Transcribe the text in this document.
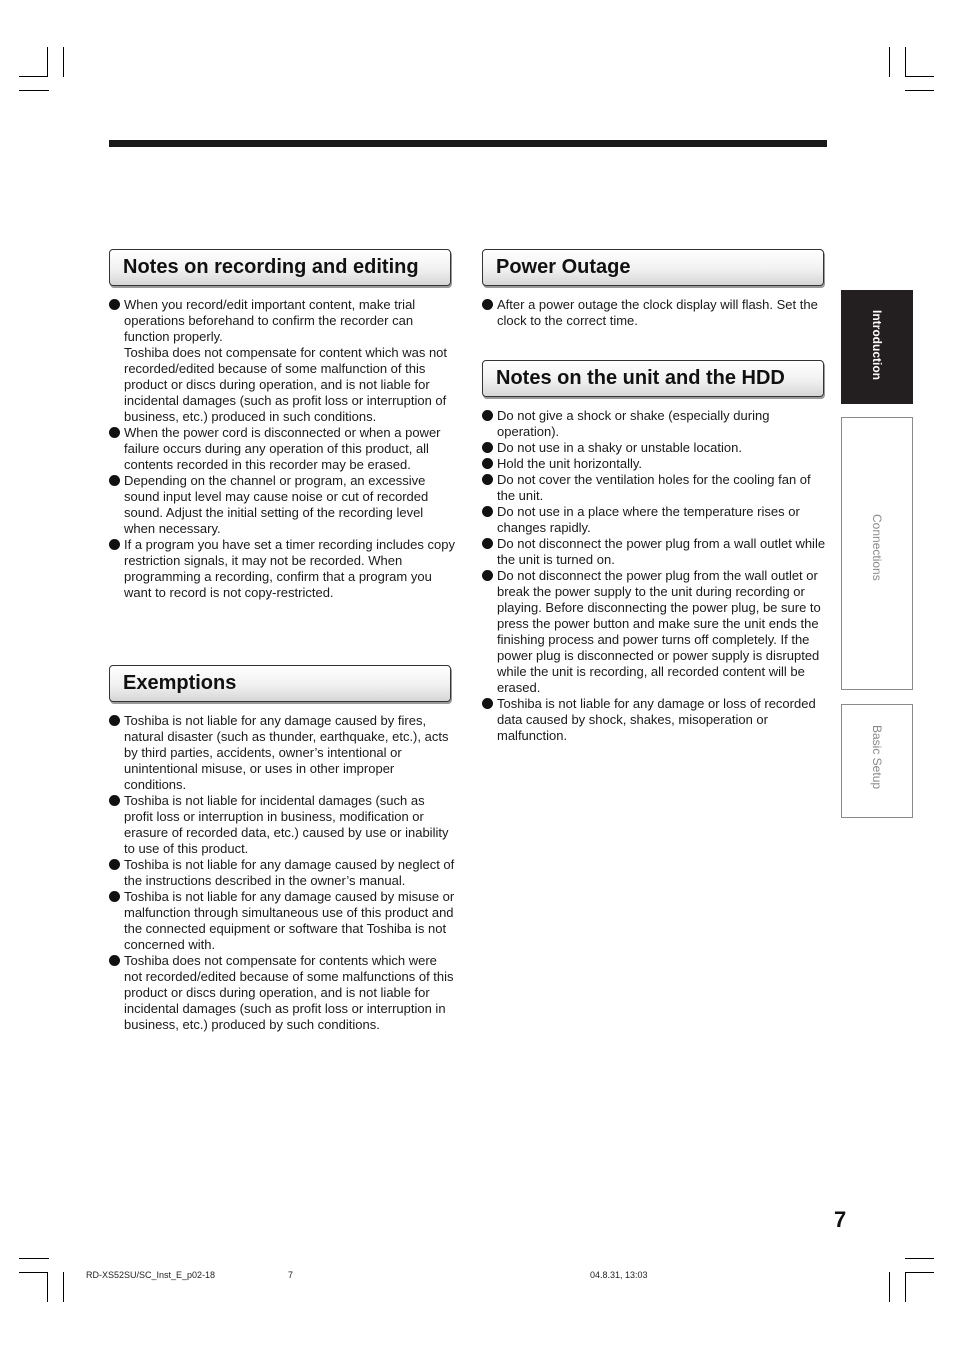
Notes on recording and editing
When you record/edit important content, make trial operations beforehand to confirm the recorder can function properly.
Toshiba does not compensate for content which was not recorded/edited because of some malfunction of this product or discs during operation, and is not liable for incidental damages (such as profit loss or interruption of business, etc.) produced in such conditions.
When the power cord is disconnected or when a power failure occurs during any operation of this product, all contents recorded in this recorder may be erased.
Depending on the channel or program, an excessive sound input level may cause noise or cut of recorded sound. Adjust the initial setting of the recording level when necessary.
If a program you have set a timer recording includes copy restriction signals, it may not be recorded. When programming a recording, confirm that a program you want to record is not copy-restricted.
Exemptions
Toshiba is not liable for any damage caused by fires, natural disaster (such as thunder, earthquake, etc.), acts by third parties, accidents, owner’s intentional or unintentional misuse, or uses in other improper conditions.
Toshiba is not liable for incidental damages (such as profit loss or interruption in business, modification or erasure of recorded data, etc.) caused by use or inability to use of this product.
Toshiba is not liable for any damage caused by neglect of the instructions described in the owner’s manual.
Toshiba is not liable for any damage caused by misuse or malfunction through simultaneous use of this product and the connected equipment or software that Toshiba is not concerned with.
Toshiba does not compensate for contents which were not recorded/edited because of some malfunctions of this product or discs during operation, and is not liable for incidental damages (such as profit loss or interruption in business, etc.) produced by such conditions.
Power Outage
After a power outage the clock display will flash. Set the clock to the correct time.
Notes on the unit and the HDD
Do not give a shock or shake (especially during operation).
Do not use in a shaky or unstable location.
Hold the unit horizontally.
Do not cover the ventilation holes for the cooling fan of the unit.
Do not use in a place where the temperature rises or changes rapidly.
Do not disconnect the power plug from a wall outlet while the unit is turned on.
Do not disconnect the power plug from the wall outlet or break the power supply to the unit during recording or playing. Before disconnecting the power plug, be sure to press the power button and make sure the unit ends the finishing process and power turns off completely. If the power plug is disconnected or power supply is disrupted while the unit is recording, all recorded content will be erased.
Toshiba is not liable for any damage or loss of recorded data caused by shock, shakes, misoperation or malfunction.
Introduction
Connections
Basic Setup
7
RD-XS52SU/SC_Inst_E_p02-18	7	04.8.31, 13:03
